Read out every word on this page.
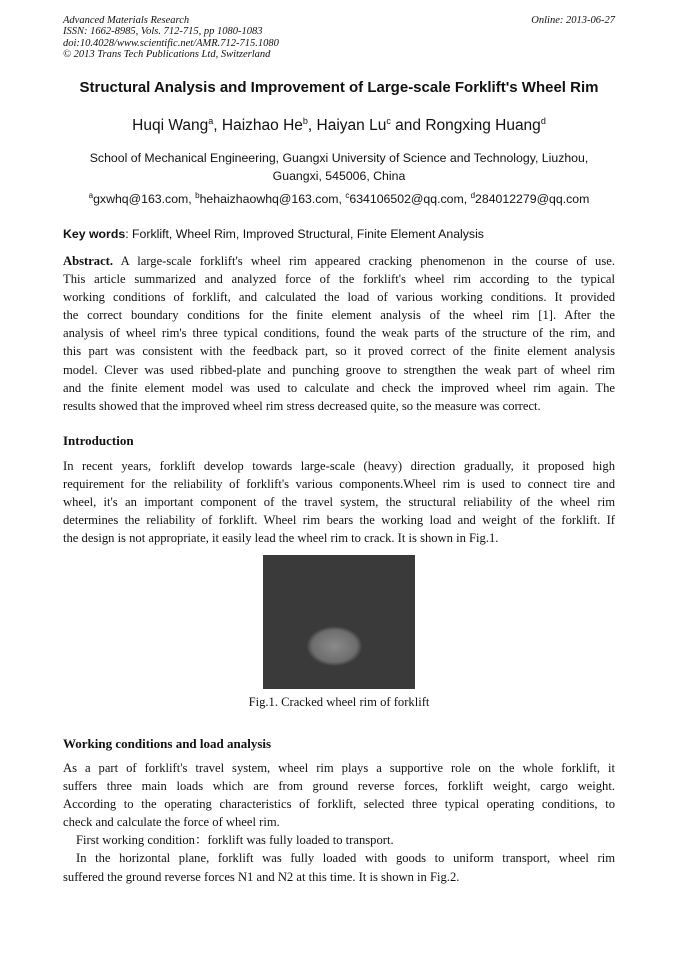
Advanced Materials Research
ISSN: 1662-8985, Vols. 712-715, pp 1080-1083
doi:10.4028/www.scientific.net/AMR.712-715.1080
© 2013 Trans Tech Publications Ltd, Switzerland
Online: 2013-06-27
Structural Analysis and Improvement of Large-scale Forklift's Wheel Rim
Huqi Wang$^a$, Haizhao He$^b$, Haiyan Lu$^c$ and Rongxing Huang$^d$
School of Mechanical Engineering, Guangxi University of Science and Technology, Liuzhou,
Guangxi, 545006, China
$^a$gxwhq@163.com, $^b$hehaizhaowhq@163.com, $^c$634106502@qq.com, $^d$284012279@qq.com
Key words: Forklift, Wheel Rim, Improved Structural, Finite Element Analysis
Abstract. A large-scale forklift's wheel rim appeared cracking phenomenon in the course of use.
This article summarized and analyzed force of the forklift's wheel rim according to the typical
working conditions of forklift, and calculated the load of various working conditions. It provided
the correct boundary conditions for the finite element analysis of the wheel rim [1]. After the
analysis of wheel rim's three typical conditions, found the weak parts of the structure of the rim, and
this part was consistent with the feedback part, so it proved correct of the finite element analysis
model. Clever was used ribbed-plate and punching groove to strengthen the weak part of wheel rim
and the finite element model was used to calculate and check the improved wheel rim again. The
results showed that the improved wheel rim stress decreased quite, so the measure was correct.
Introduction
In recent years, forklift develop towards large-scale (heavy) direction gradually, it proposed high
requirement for the reliability of forklift's various components.Wheel rim is used to connect tire and
wheel, it's an important component of the travel system, the structural reliability of the wheel rim
determines the reliability of forklift. Wheel rim bears the working load and weight of the forklift. If
the design is not appropriate, it easily lead the wheel rim to crack. It is shown in Fig.1.
Fig.1. Cracked wheel rim of forklift
Working conditions and load analysis
As a part of forklift's travel system, wheel rim plays a supportive role on the whole forklift, it
suffers three main loads which are from ground reverse forces, forklift weight, cargo weight.
According to the operating characteristics of forklift, selected three typical operating conditions, to
check and calculate the force of wheel rim.
First working condition：forklift was fully loaded to transport.
In the horizontal plane, forklift was fully loaded with goods to uniform transport, wheel rim
suffered the ground reverse forces N1 and N2 at this time. It is shown in Fig.2.
